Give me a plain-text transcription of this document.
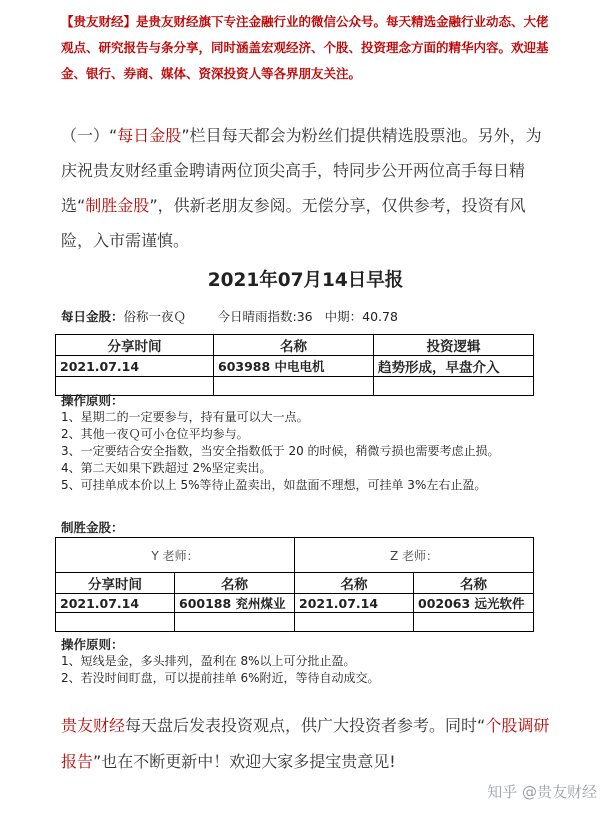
【贵友财经】是贵友财经旗下专注金融行业的微信公众号。每天精选金融行业动态、大佬观点、研究报告与条分享，同时涵盖宏观经济、个股、投资理念方面的精华内容。欢迎基金、银行、券商、媒体、资深投资人等各界朋友关注。
（一）“每日金股”栏目每天都会为粉丝们提供精选股票池。另外，为庆祝贵友财经重金聘请两位顶尖高手，特同步公开两位高手每日精选“制胜金股”，供新老朋友参阅。无偿分享，仅供参考，投资有风险，入市需谨慎。
2021年07月14日早报
每日金股： 俗称一夜Ｑ	今日晴雨指数:36 中期：40.78
分享时间	名称	投资逻辑
2021.07.14	603988 中电电机	趋势形成，早盘介入

操作原则：
1、星期二的一定要参与，持有量可以大一点。
2、其他一夜Ｑ可小仓位平均参与。
3、一定要结合安全指数，当安全指数低于 20 的时候，稍微亏损也需要考虑止损。
4、第二天如果下跌超过 2%坚定卖出。
5、可挂单成本价以上 5%等待止盈卖出，如盘面不理想，可挂单 3%左右止盈。
制胜金股：
Y 老师：		Z 老师：	
分享时间	名称	名称	名称
2021.07.14	600188 兖州煤业	2021.07.14	002063 远光软件

操作原则：
1、短线是金，多头排列，盈利在 8%以上可分批止盈。
2、若没时间盯盘，可以提前挂单 6%附近，等待自动成交。
贵友财经每天盘后发表投资观点，供广大投资者参考。同时“个股调研报告”也在不断更新中！欢迎大家多提宝贵意见!
知乎 @贵友财经
